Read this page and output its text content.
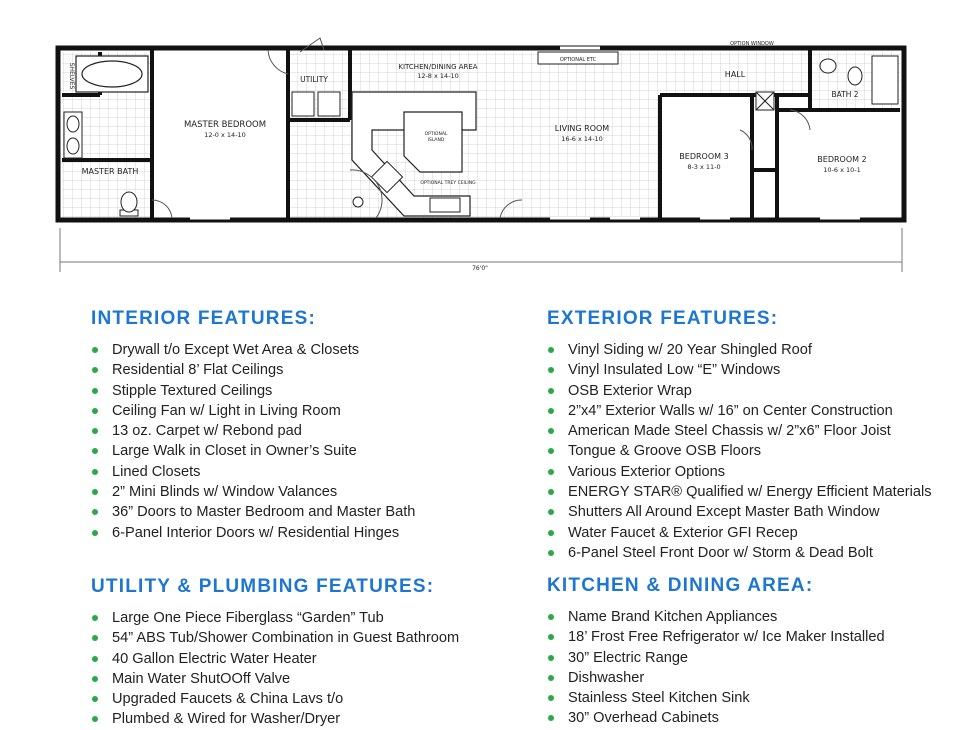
MASTER BEDROOM
12-0 x 14-10
MASTER BATH
SHELVES	UTILITY
KITCHEN/DINING AREA
12-8 x 14-10
OPTIONAL
ISLAND
OPTIONAL TREY CEILING
OPTIONAL ETC
LIVING ROOM
16-6 x 14-10
HALL
BATH 2
BEDROOM 3
8-3 x 11-0
BEDROOM 2
10-6 x 10-1
OPTION WINDOW
76'0"
INTERIOR FEATURES:
Drywall t/o Except Wet Area & Closets
Residential 8’ Flat Ceilings
Stipple Textured Ceilings
Ceiling Fan w/ Light in Living Room
13 oz. Carpet w/ Rebond pad
Large Walk in Closet in Owner’s Suite
Lined Closets
2” Mini Blinds w/ Window Valances
36” Doors to Master Bedroom and Master Bath
6-Panel Interior Doors w/ Residential Hinges
UTILITY & PLUMBING FEATURES:
Large One Piece Fiberglass “Garden” Tub
54” ABS Tub/Shower Combination in Guest Bathroom
40 Gallon Electric Water Heater
Main Water ShutOOff Valve
Upgraded Faucets & China Lavs t/o
Plumbed & Wired for Washer/Dryer
EXTERIOR FEATURES:
Vinyl Siding w/ 20 Year Shingled Roof
Vinyl Insulated Low “E” Windows
OSB Exterior Wrap
2”x4” Exterior Walls w/ 16” on Center Construction
American Made Steel Chassis w/ 2”x6” Floor Joist
Tongue & Groove OSB Floors
Various Exterior Options
ENERGY STAR® Qualified w/ Energy Efficient Materials
Shutters All Around Except Master Bath Window
Water Faucet & Exterior GFI Recep
6-Panel Steel Front Door w/ Storm & Dead Bolt
KITCHEN & DINING AREA:
Name Brand Kitchen Appliances
18’ Frost Free Refrigerator w/ Ice Maker Installed
30” Electric Range
Dishwasher
Stainless Steel Kitchen Sink
30” Overhead Cabinets
